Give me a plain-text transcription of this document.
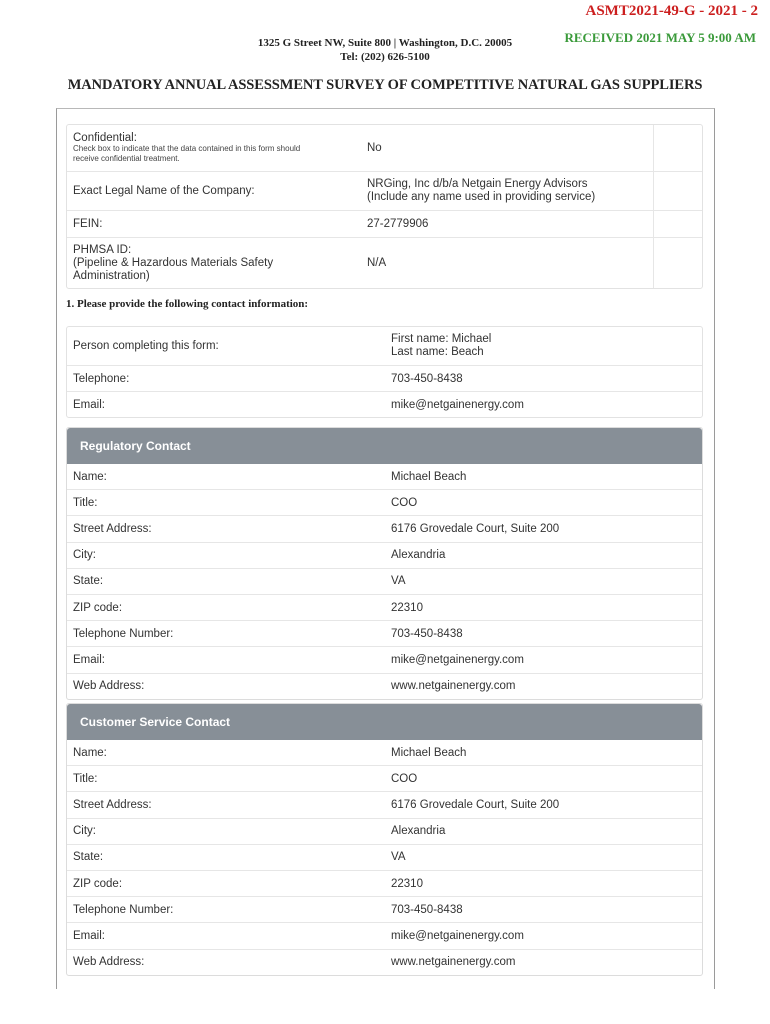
ASMT2021-49-G - 2021 - 2
RECEIVED 2021 MAY 5 9:00 AM
1325 G Street NW, Suite 800 | Washington, D.C. 20005
Tel: (202) 626-5100
MANDATORY ANNUAL ASSESSMENT SURVEY OF COMPETITIVE NATURAL GAS SUPPLIERS
Confidential:
Check box to indicate that the data contained in this form should
receive confidential treatment.
No
Exact Legal Name of the Company:
NRGing, Inc d/b/a Netgain Energy Advisors
(Include any name used in providing service)
FEIN:	27-2779906
PHMSA ID:
(Pipeline & Hazardous Materials Safety
Administration)
N/A
1. Please provide the following contact information:
Person completing this form:
First name: Michael
Last name: Beach
Telephone:	703-450-8438
Email:	mike@netgainenergy.com
Regulatory Contact
Name:	Michael Beach
Title:	COO
Street Address:	6176 Grovedale Court, Suite 200
City:	Alexandria
State:	VA
ZIP code:	22310
Telephone Number:	703-450-8438
Email:	mike@netgainenergy.com
Web Address:	www.netgainenergy.com
Customer Service Contact
Name:	Michael Beach
Title:	COO
Street Address:	6176 Grovedale Court, Suite 200
City:	Alexandria
State:	VA
ZIP code:	22310
Telephone Number:	703-450-8438
Email:	mike@netgainenergy.com
Web Address:	www.netgainenergy.com
